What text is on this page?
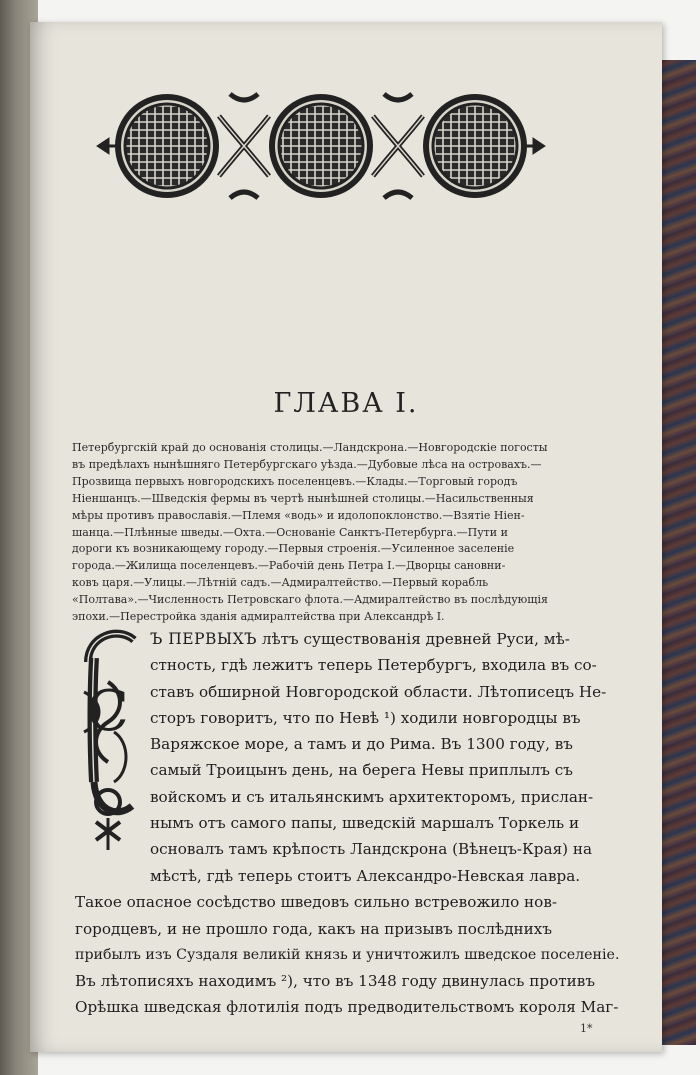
ГЛАВА I.
Петербургскій край до основанія столицы.—Ландскрона.—Новгородскіе погосты
въ предѣлахъ нынѣшняго Петербургскаго уѣзда.—Дубовые лѣса на островахъ.—
Прозвища первыхъ новгородскихъ поселенцевъ.—Клады.—Торговый городъ
Ніеншанцъ.—Шведскія фермы въ чертѣ нынѣшней столицы.—Насильственныя
мѣры противъ православія.—Племя «водь» и идолопоклонство.—Взятіе Ніен-
шанца.—Плѣнные шведы.—Охта.—Основаніе Санктъ-Петербурга.—Пути и
дороги къ возникающему городу.—Первыя строенія.—Усиленное заселеніе
города.—Жилища поселенцевъ.—Рабочій день Петра I.—Дворцы сановни-
ковъ царя.—Улицы.—Лѣтній садъ.—Адмиралтейство.—Первый корабль
«Полтава».—Численность Петровскаго флота.—Адмиралтейство въ послѣдующія
эпохи.—Перестройка зданія адмиралтейства при Александрѣ I.
С
Ъ ПЕРВЫХЪ лѣтъ существованія древней Руси, мѣ-
стность, гдѣ лежитъ теперь Петербургъ, входила въ со-
ставъ обширной Новгородской области. Лѣтописецъ Не-
сторъ говоритъ, что по Невѣ ¹) ходили новгородцы въ
Варяжское море, а тамъ и до Рима. Въ 1300 году, въ
самый Троицынъ день, на берега Невы приплылъ съ
войскомъ и съ итальянскимъ архитекторомъ, прислан-
нымъ отъ самого папы, шведскій маршалъ Торкель и
основалъ тамъ крѣпость Ландскрона (Вѣнецъ-Края) на
мѣстѣ, гдѣ теперь стоитъ Александро-Невская лавра.
Такое опасное сосѣдство шведовъ сильно встревожило нов-
городцевъ, и не прошло года, какъ на призывъ послѣднихъ
прибылъ изъ Суздаля великій князь и уничтожилъ шведское поселеніе.
Въ лѣтописяхъ находимъ ²), что въ 1348 году двинулась противъ
Орѣшка шведская флотилія подъ предводительствомъ короля Маг-
1*
